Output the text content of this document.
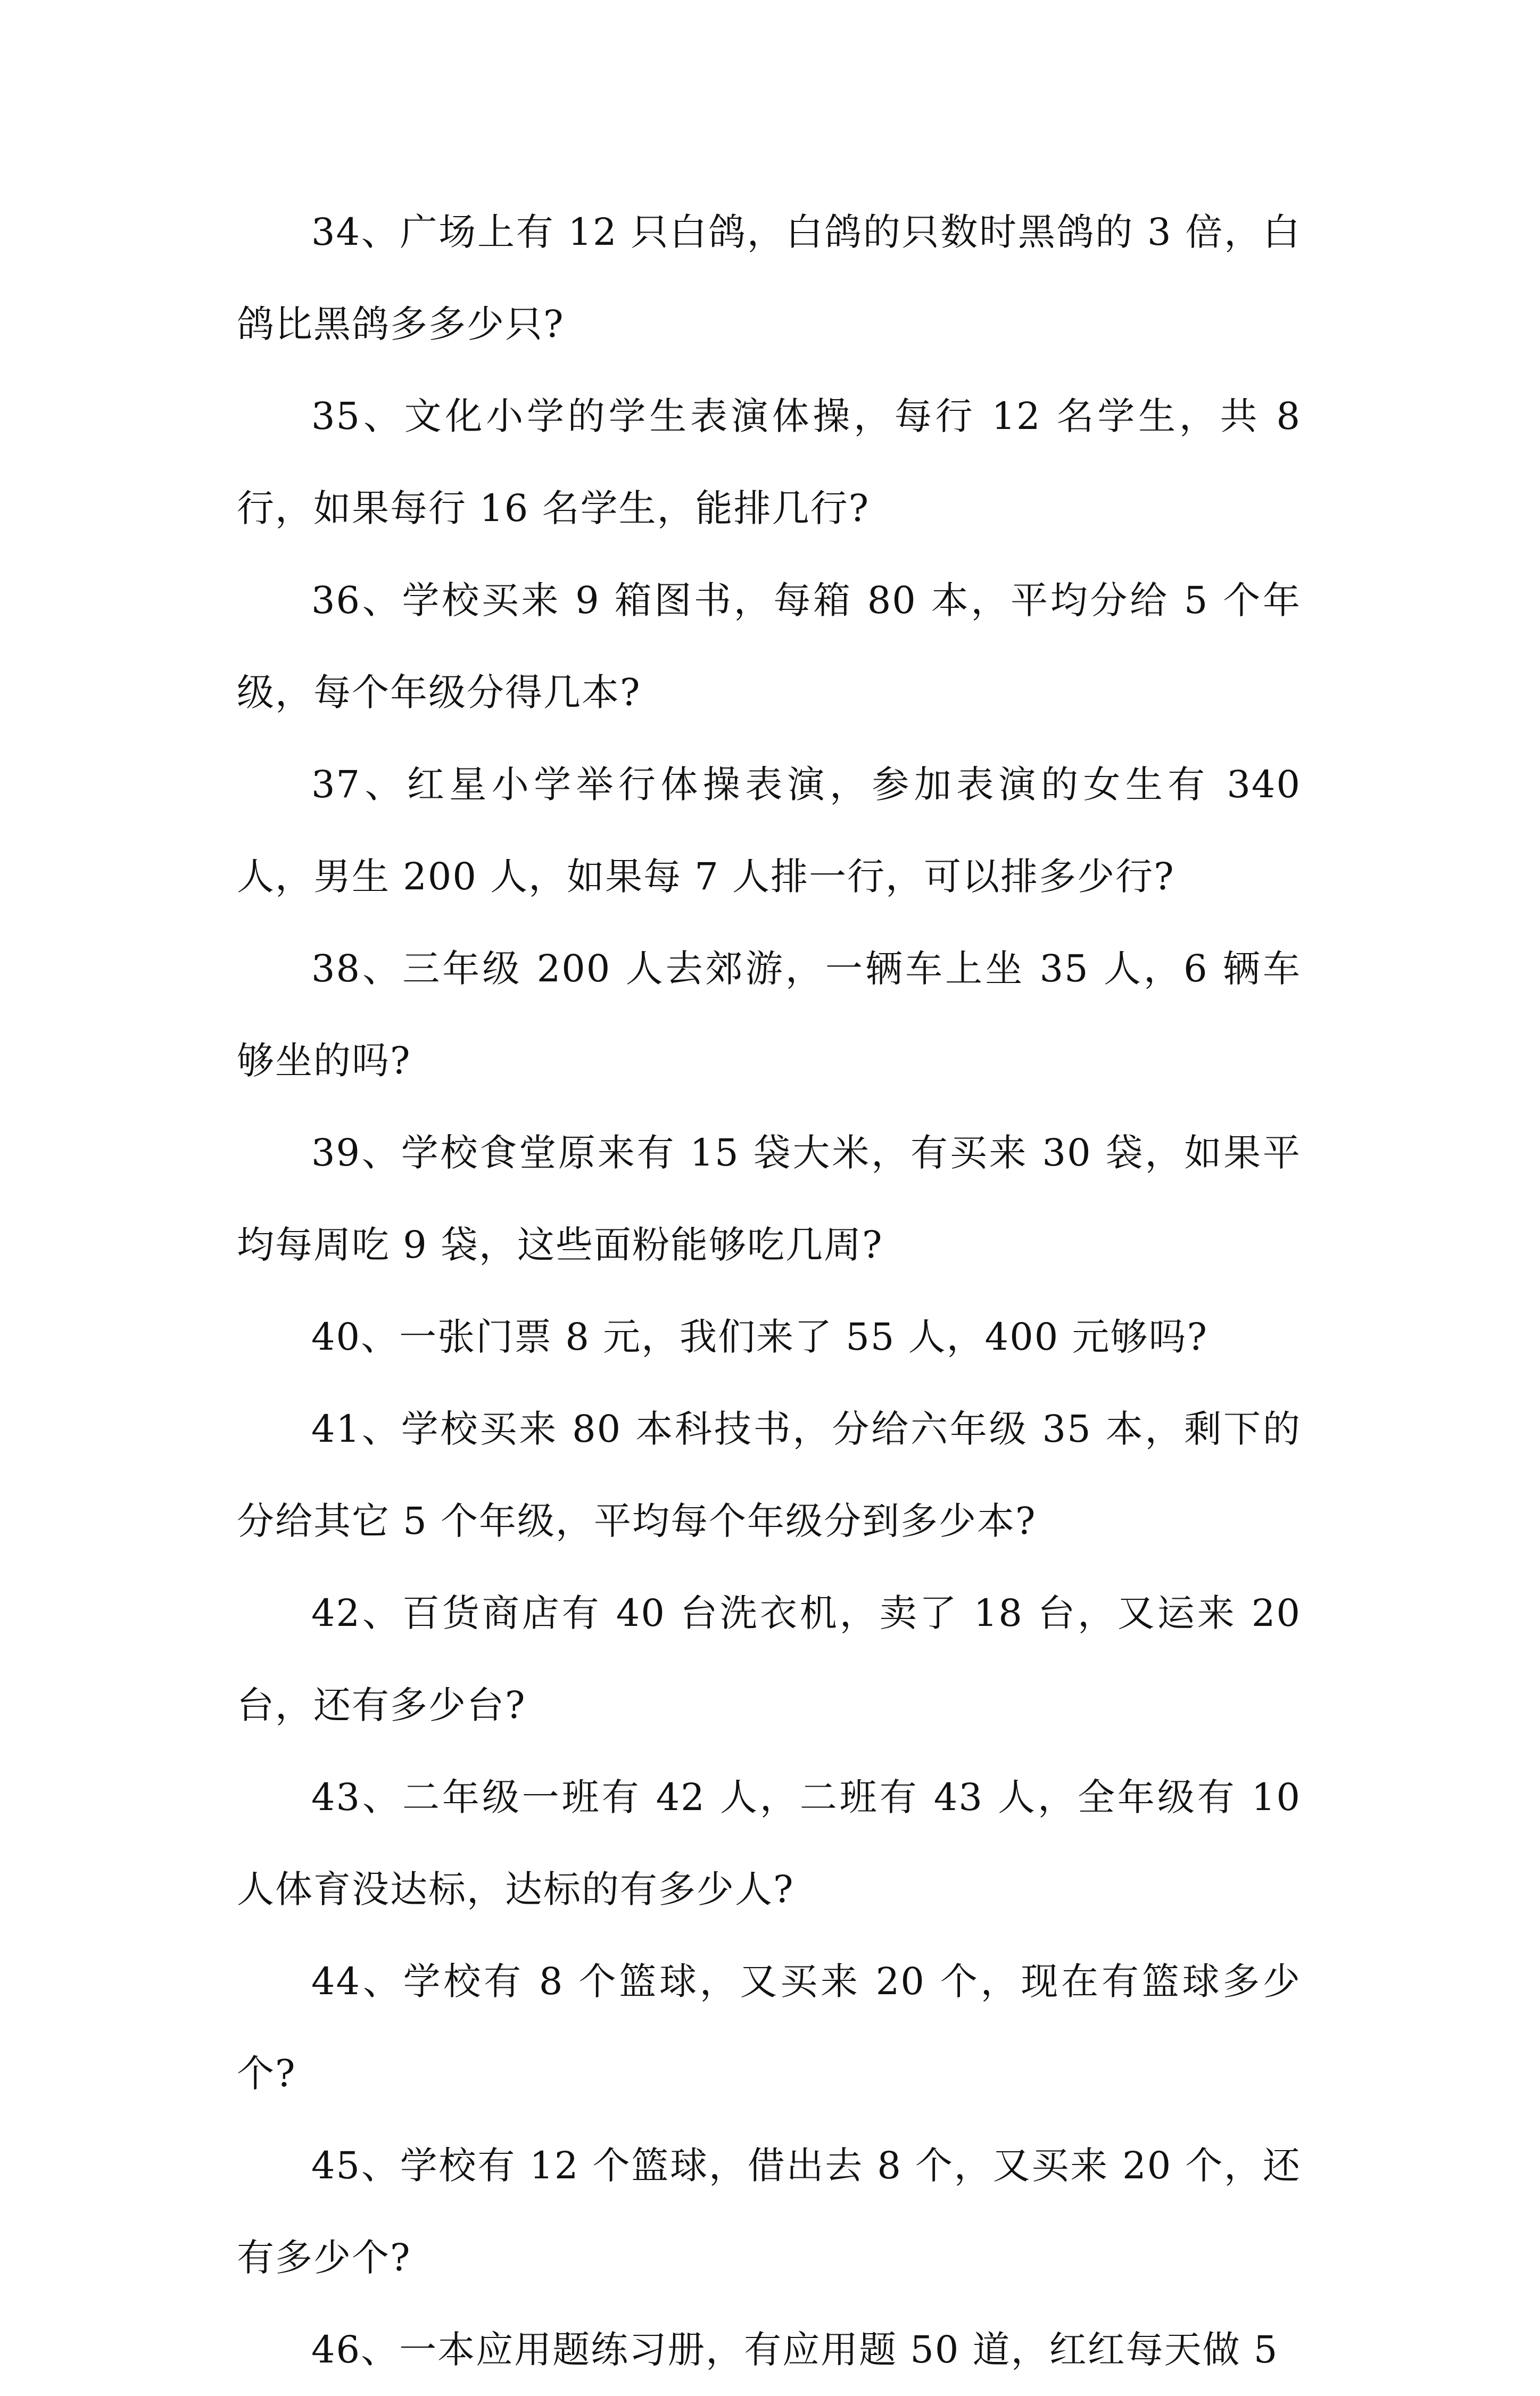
34、广场上有 12 只白鸽，白鸽的只数时黑鸽的 3 倍，白鸽比黑鸽多多少只?

35、文化小学的学生表演体操，每行 12 名学生，共 8 行，如果每行 16 名学生，能排几行?

36、学校买来 9 箱图书，每箱 80 本，平均分给 5 个年级，每个年级分得几本?

37、红星小学举行体操表演，参加表演的女生有 340 人，男生 200 人，如果每 7 人排一行，可以排多少行?

38、三年级 200 人去郊游，一辆车上坐 35 人，6 辆车够坐的吗?

39、学校食堂原来有 15 袋大米，有买来 30 袋，如果平均每周吃 9 袋，这些面粉能够吃几周?

40、一张门票 8 元，我们来了 55 人，400 元够吗?

41、学校买来 80 本科技书，分给六年级 35 本，剩下的分给其它 5 个年级，平均每个年级分到多少本?

42、百货商店有 40 台洗衣机，卖了 18 台，又运来 20 台，还有多少台?

43、二年级一班有 42 人，二班有 43 人，全年级有 10 人体育没达标，达标的有多少人?

44、学校有 8 个篮球，又买来 20 个，现在有篮球多少个?

45、学校有 12 个篮球，借出去 8 个，又买来 20 个，还有多少个?

46、一本应用题练习册，有应用题 50 道，红红每天做 5
